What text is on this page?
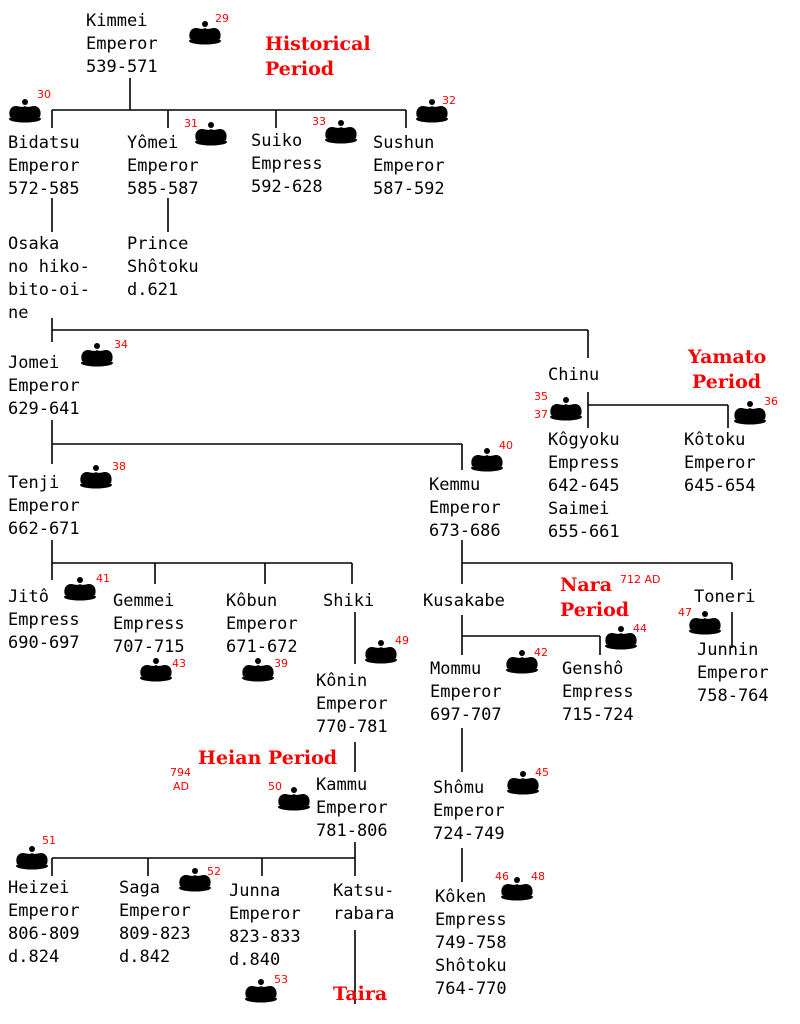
Kimmei
Emperor
539-571
Bidatsu
Emperor
572-585
Yômei
Emperor
585-587
Suiko
Empress
592-628
Sushun
Emperor
587-592
Osaka
no hiko-
bito-oi-
ne
Prince
Shôtoku
d.621
Jomei
Emperor
629-641
Chinu
Kôgyoku
Empress
642-645
Saimei
655-661
Kôtoku
Emperor
645-654
Tenji
Emperor
662-671
Kemmu
Emperor
673-686
Jitô
Empress
690-697
Gemmei
Empress
707-715
Kôbun
Emperor
671-672
Shiki	Kusakabe	Toneri
Kônin
Emperor
770-781
Mommu
Emperor
697-707
Genshô
Empress
715-724
Junnin
Emperor
758-764
Kammu
Emperor
781-806
Shômu
Emperor
724-749
Heizei
Emperor
806-809
d.824
Saga
Emperor
809-823
d.842
Junna
Emperor
823-833
d.840
Katsu-
rabara
Kôken
Empress
749-758
Shôtoku
764-770
Historical
Period
Yamato
Period
Nara
Period
712 AD
Heian Period
794
AD
Taira
29
30
31	33
32
34
35
37
36
38
40
41
43	39
49
42
44
47
45
50
51
52	46 48
53
